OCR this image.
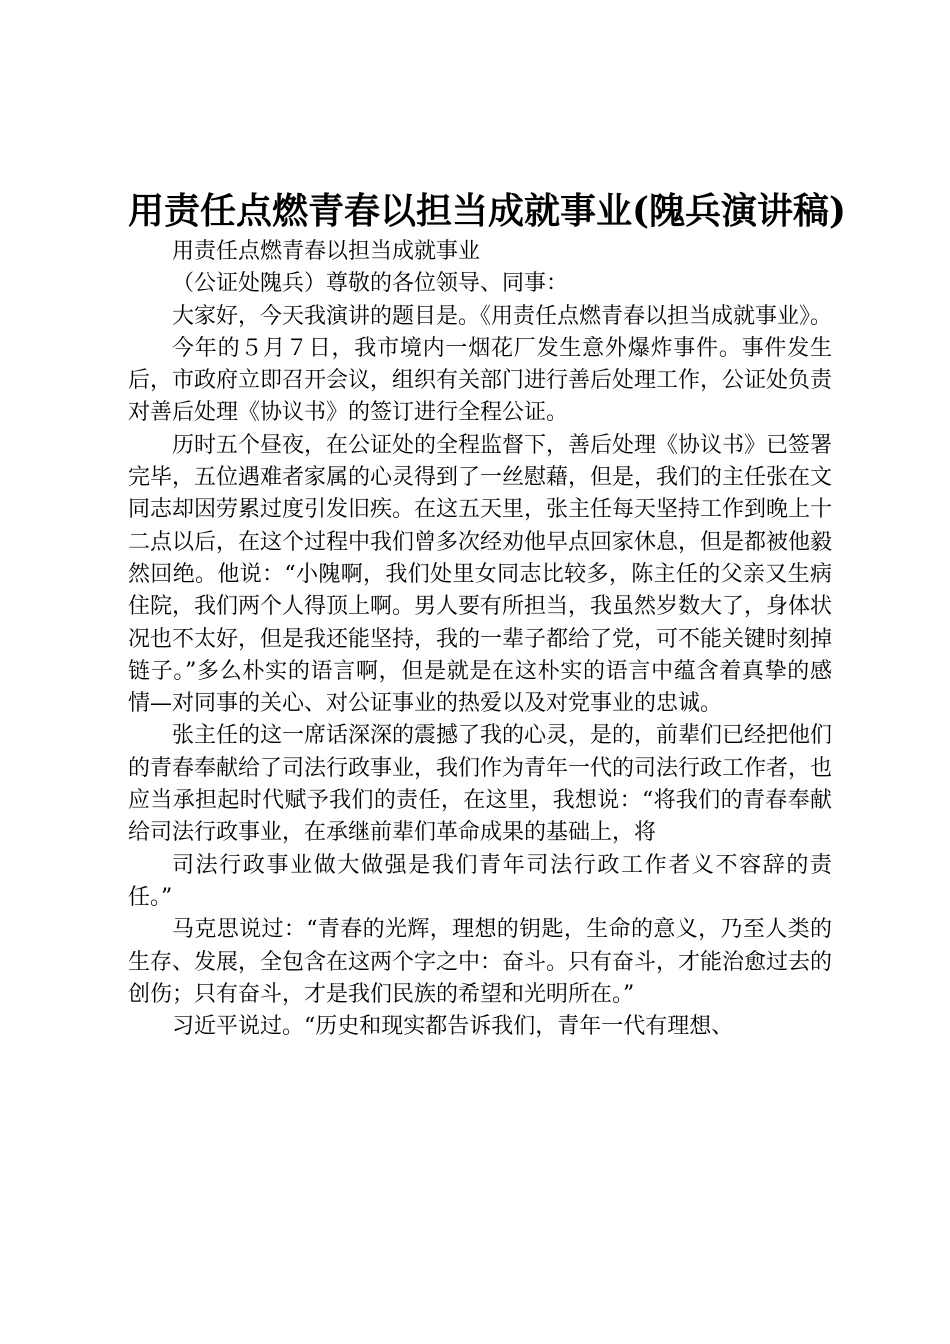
用责任点燃青春以担当成就事业(隗兵演讲稿)

用责任点燃青春以担当成就事业

（公证处隗兵）尊敬的各位领导、同事：

大家好，今天我演讲的题目是。《用责任点燃青春以担当成就事业》。

今年的５月７日，我市境内一烟花厂发生意外爆炸事件。事件发生后，市政府立即召开会议，组织有关部门进行善后处理工作，公证处负责对善后处理《协议书》的签订进行全程公证。

历时五个昼夜，在公证处的全程监督下，善后处理《协议书》已签署完毕，五位遇难者家属的心灵得到了一丝慰藉，但是，我们的主任张在文同志却因劳累过度引发旧疾。在这五天里，张主任每天坚持工作到晚上十二点以后，在这个过程中我们曾多次经劝他早点回家休息，但是都被他毅然回绝。他说：“小隗啊，我们处里女同志比较多，陈主任的父亲又生病住院，我们两个人得顶上啊。男人要有所担当，我虽然岁数大了，身体状况也不太好，但是我还能坚持，我的一辈子都给了党，可不能关键时刻掉链子。”多么朴实的语言啊，但是就是在这朴实的语言中蕴含着真挚的感情—对同事的关心、对公证事业的热爱以及对党事业的忠诚。

张主任的这一席话深深的震撼了我的心灵，是的，前辈们已经把他们的青春奉献给了司法行政事业，我们作为青年一代的司法行政工作者，也应当承担起时代赋予我们的责任，在这里，我想说：“将我们的青春奉献给司法行政事业，在承继前辈们革命成果的基础上，将

司法行政事业做大做强是我们青年司法行政工作者义不容辞的责任。”

马克思说过：“青春的光辉，理想的钥匙，生命的意义，乃至人类的生存、发展，全包含在这两个字之中：奋斗。只有奋斗，才能治愈过去的创伤；只有奋斗，才是我们民族的希望和光明所在。”

习近平说过。“历史和现实都告诉我们，青年一代有理想、
